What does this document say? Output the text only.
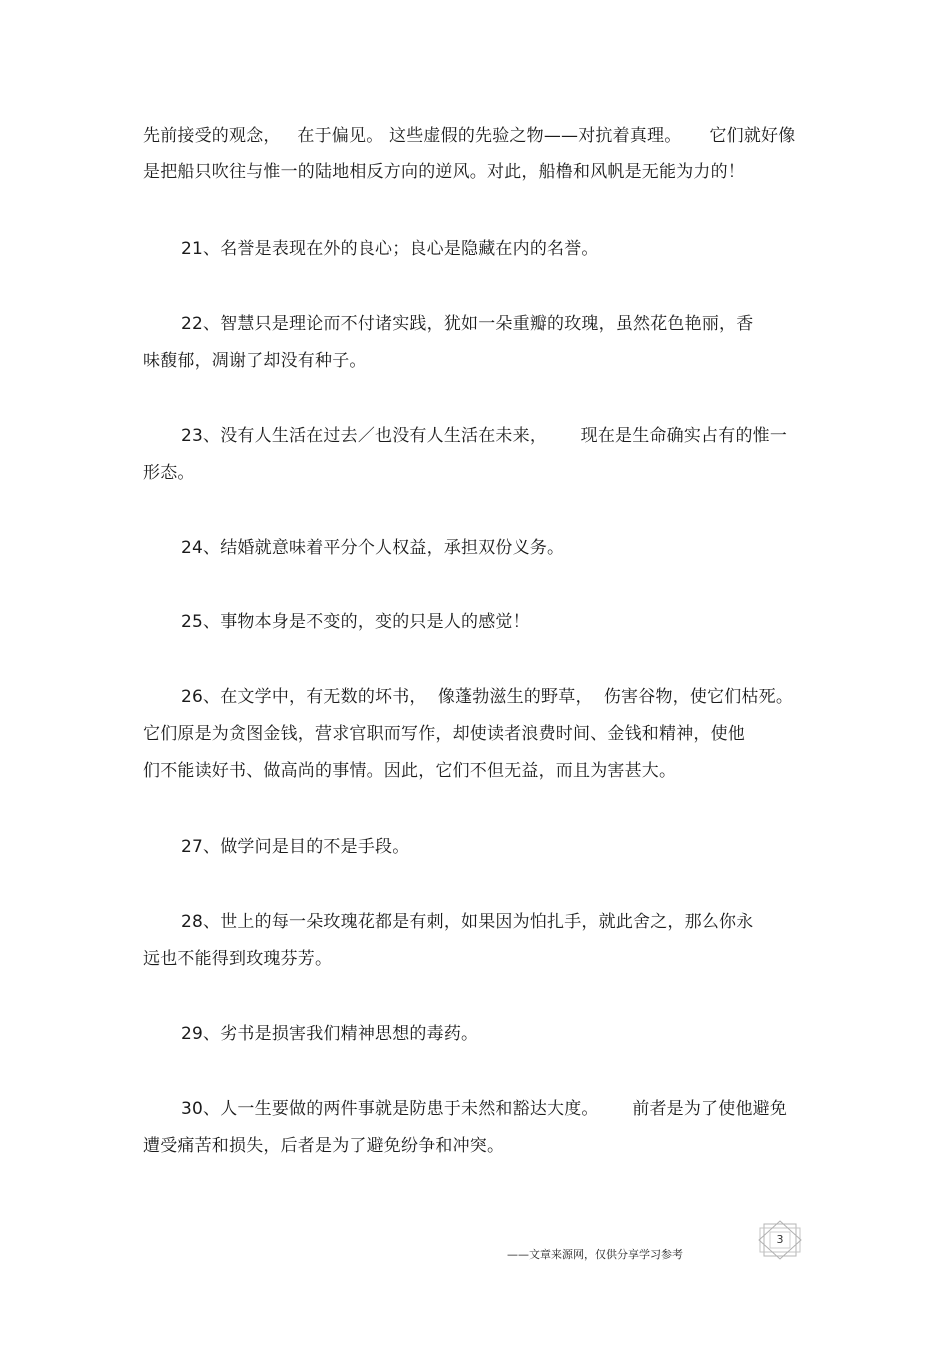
先前接受的观念，   在于偏见。 这些虚假的先验之物——对抗着真理。     它们就好像
是把船只吹往与惟一的陆地相反方向的逆风。对此，船橹和风帆是无能为力的！
21、名誉是表现在外的良心；良心是隐藏在内的名誉。
22、智慧只是理论而不付诸实践，犹如一朵重瓣的玫瑰，虽然花色艳丽，香
味馥郁，凋谢了却没有种子。
23、没有人生活在过去／也没有人生活在未来，      现在是生命确实占有的惟一
形态。
24、结婚就意味着平分个人权益，承担双份义务。
25、事物本身是不变的，变的只是人的感觉！
26、在文学中，有无数的坏书，  像蓬勃滋生的野草，  伤害谷物，使它们枯死。
它们原是为贪图金钱，营求官职而写作，却使读者浪费时间、金钱和精神，使他
们不能读好书、做高尚的事情。因此，它们不但无益，而且为害甚大。
27、做学问是目的不是手段。
28、世上的每一朵玫瑰花都是有刺，如果因为怕扎手，就此舍之，那么你永
远也不能得到玫瑰芬芳。
29、劣书是损害我们精神思想的毒药。
30、人一生要做的两件事就是防患于未然和豁达大度。      前者是为了使他避免
遭受痛苦和损失，后者是为了避免纷争和冲突。
——文章来源网，仅供分享学习参考
3
